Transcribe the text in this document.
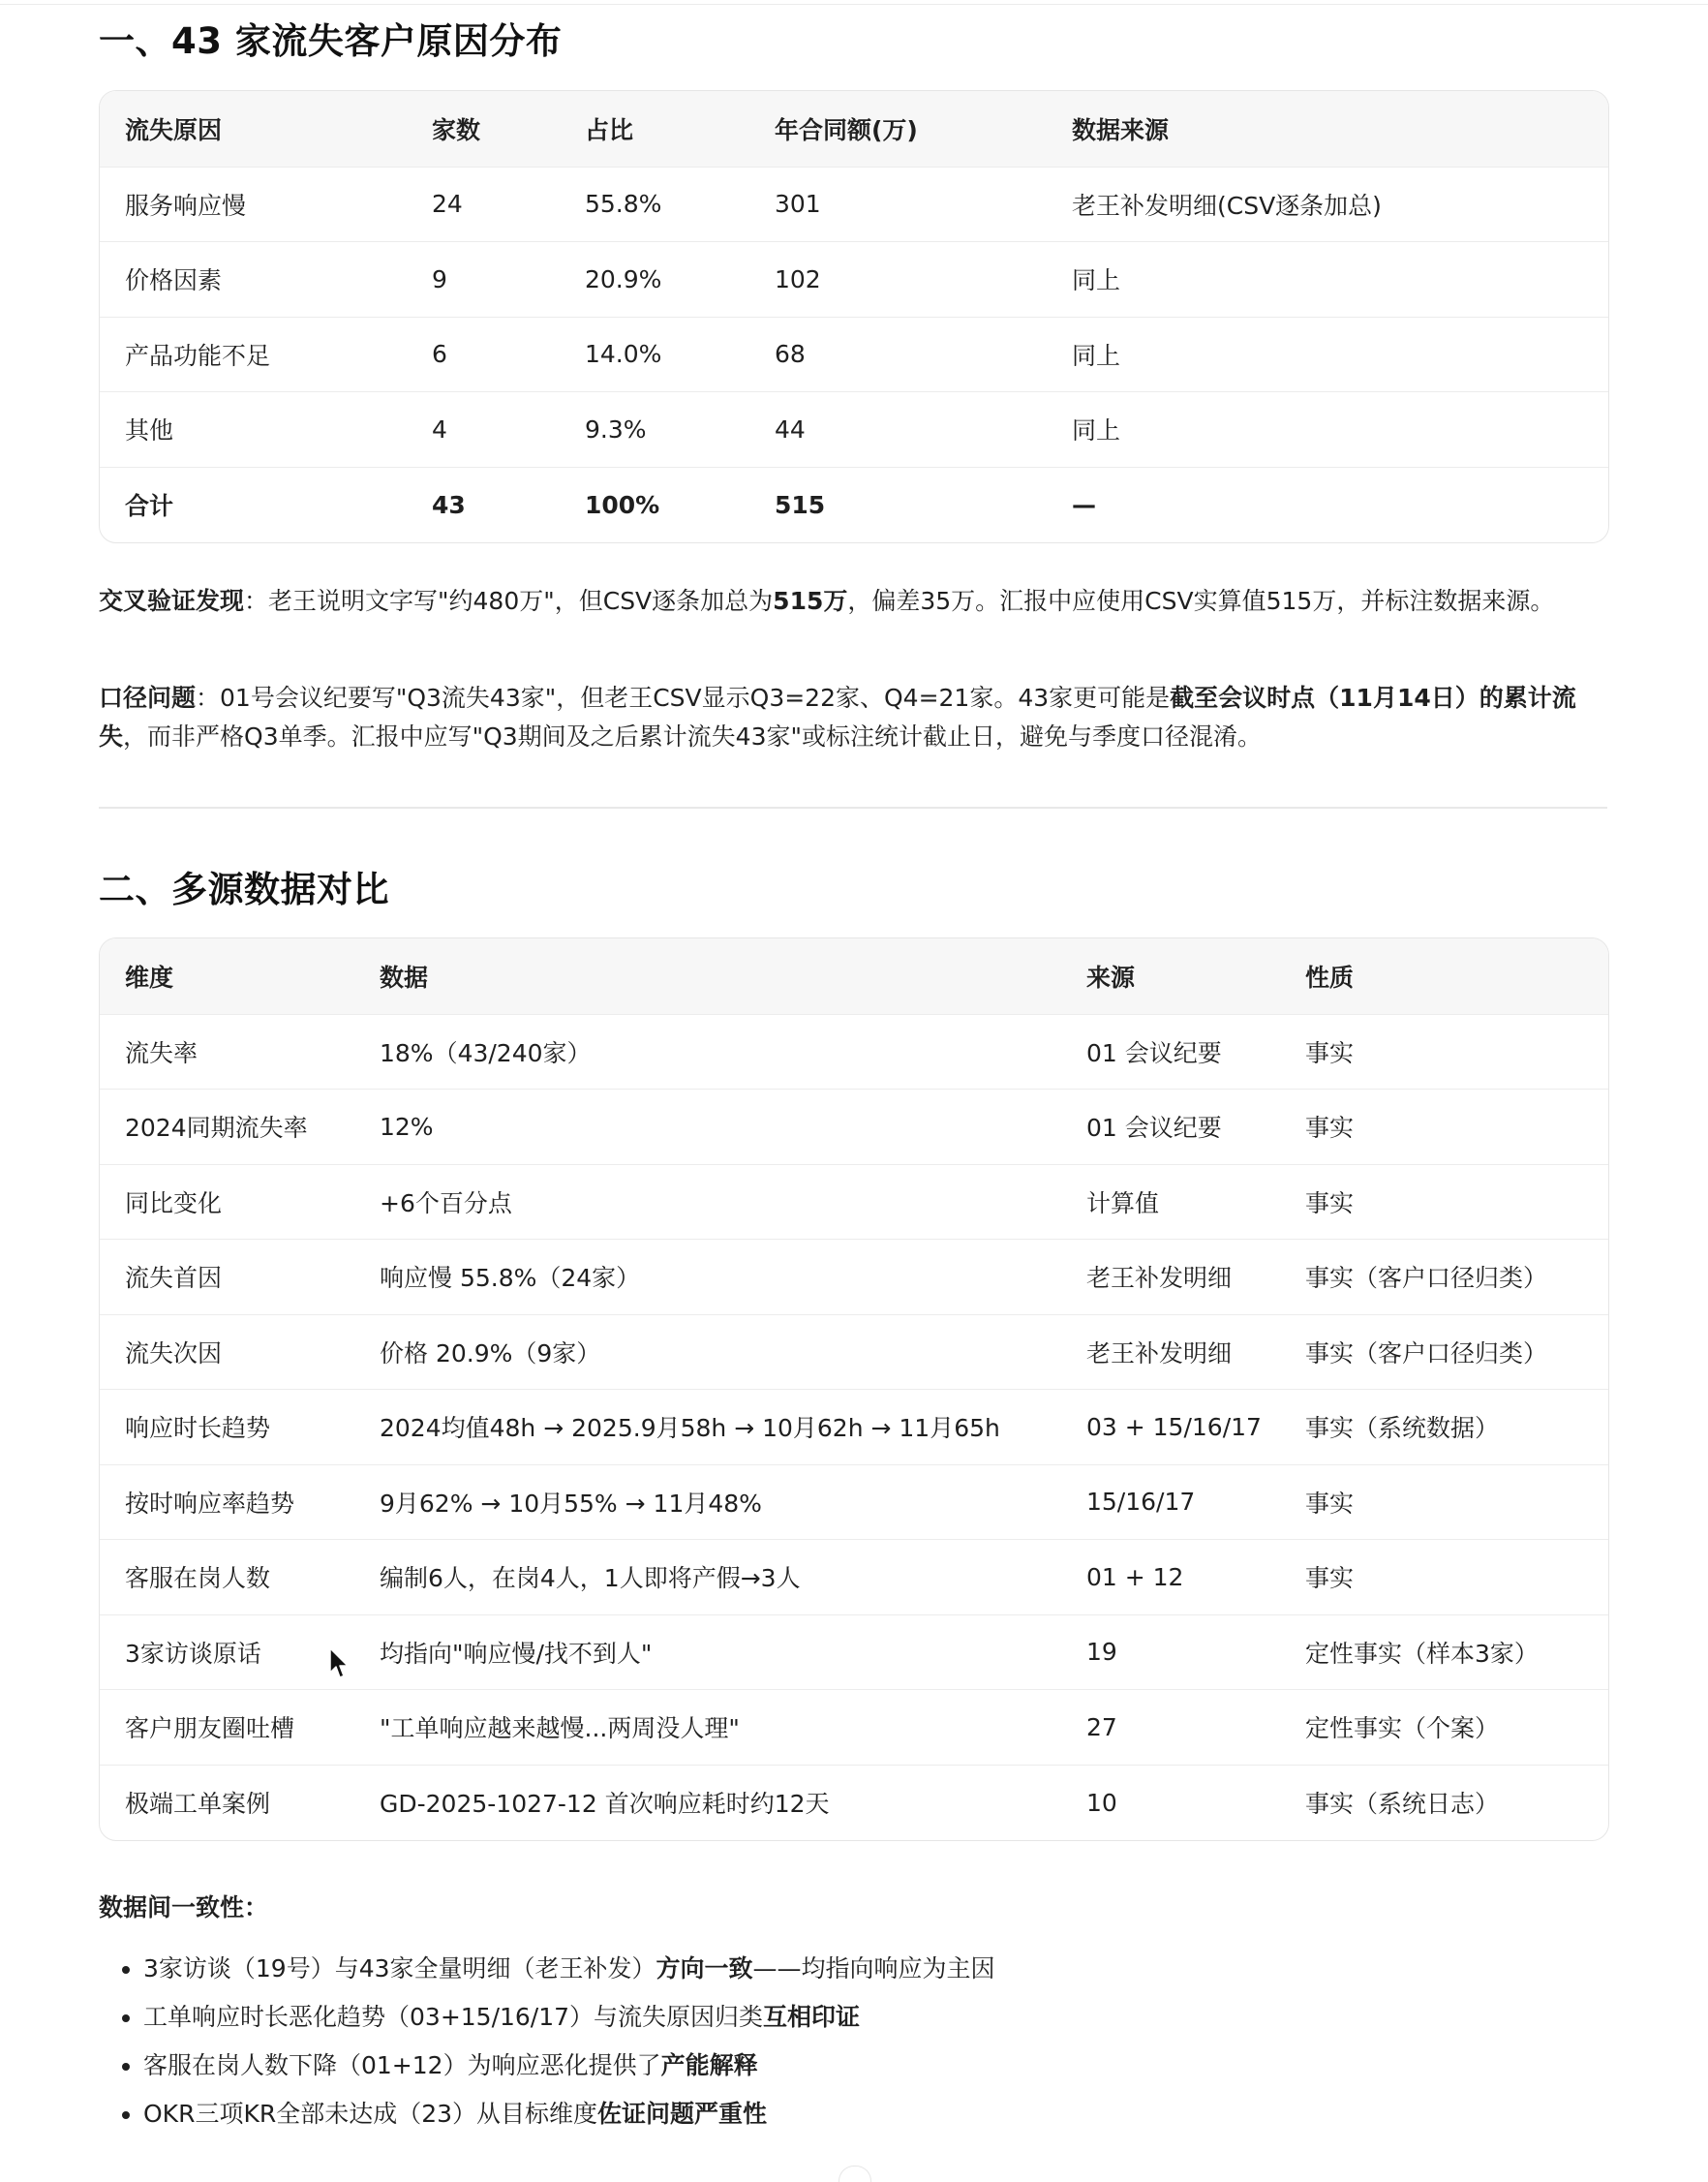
一、43 家流失客户原因分布
流失原因	家数	占比	年合同额(万)	数据来源
服务响应慢	24	55.8%	301	老王补发明细(CSV逐条加总)
价格因素	9	20.9%	102	同上
产品功能不足	6	14.0%	68	同上
其他	4	9.3%	44	同上
合计	43	100%	515	—

交叉验证发现：老王说明文字写"约480万"，但CSV逐条加总为515万，偏差35万。汇报中应使用CSV实算值515万，并标注数据来源。

口径问题：01号会议纪要写"Q3流失43家"，但老王CSV显示Q3=22家、Q4=21家。43家更可能是截至会议时点（11月14日）的累计流失，而非严格Q3单季。汇报中应写"Q3期间及之后累计流失43家"或标注统计截止日，避免与季度口径混淆。

二、多源数据对比
维度	数据	来源	性质
流失率	18%（43/240家）	01 会议纪要	事实
2024同期流失率	12%	01 会议纪要	事实
同比变化	+6个百分点	计算值	事实
流失首因	响应慢 55.8%（24家）	老王补发明细	事实（客户口径归类）
流失次因	价格 20.9%（9家）	老王补发明细	事实（客户口径归类）
响应时长趋势	2024均值48h → 2025.9月58h → 10月62h → 11月65h	03 + 15/16/17	事实（系统数据）
按时响应率趋势	9月62% → 10月55% → 11月48%	15/16/17	事实
客服在岗人数	编制6人，在岗4人，1人即将产假→3人	01 + 12	事实
3家访谈原话	均指向"响应慢/找不到人"	19	定性事实（样本3家）
客户朋友圈吐槽	"工单响应越来越慢...两周没人理"	27	定性事实（个案）
极端工单案例	GD-2025-1027-12 首次响应耗时约12天	10	事实（系统日志）
数据间一致性：
• 3家访谈（19号）与43家全量明细（老王补发）方向一致——均指向响应为主因
• 工单响应时长恶化趋势（03+15/16/17）与流失原因归类互相印证
• 客服在岗人数下降（01+12）为响应恶化提供了产能解释
• OKR三项KR全部未达成（23）从目标维度佐证问题严重性
